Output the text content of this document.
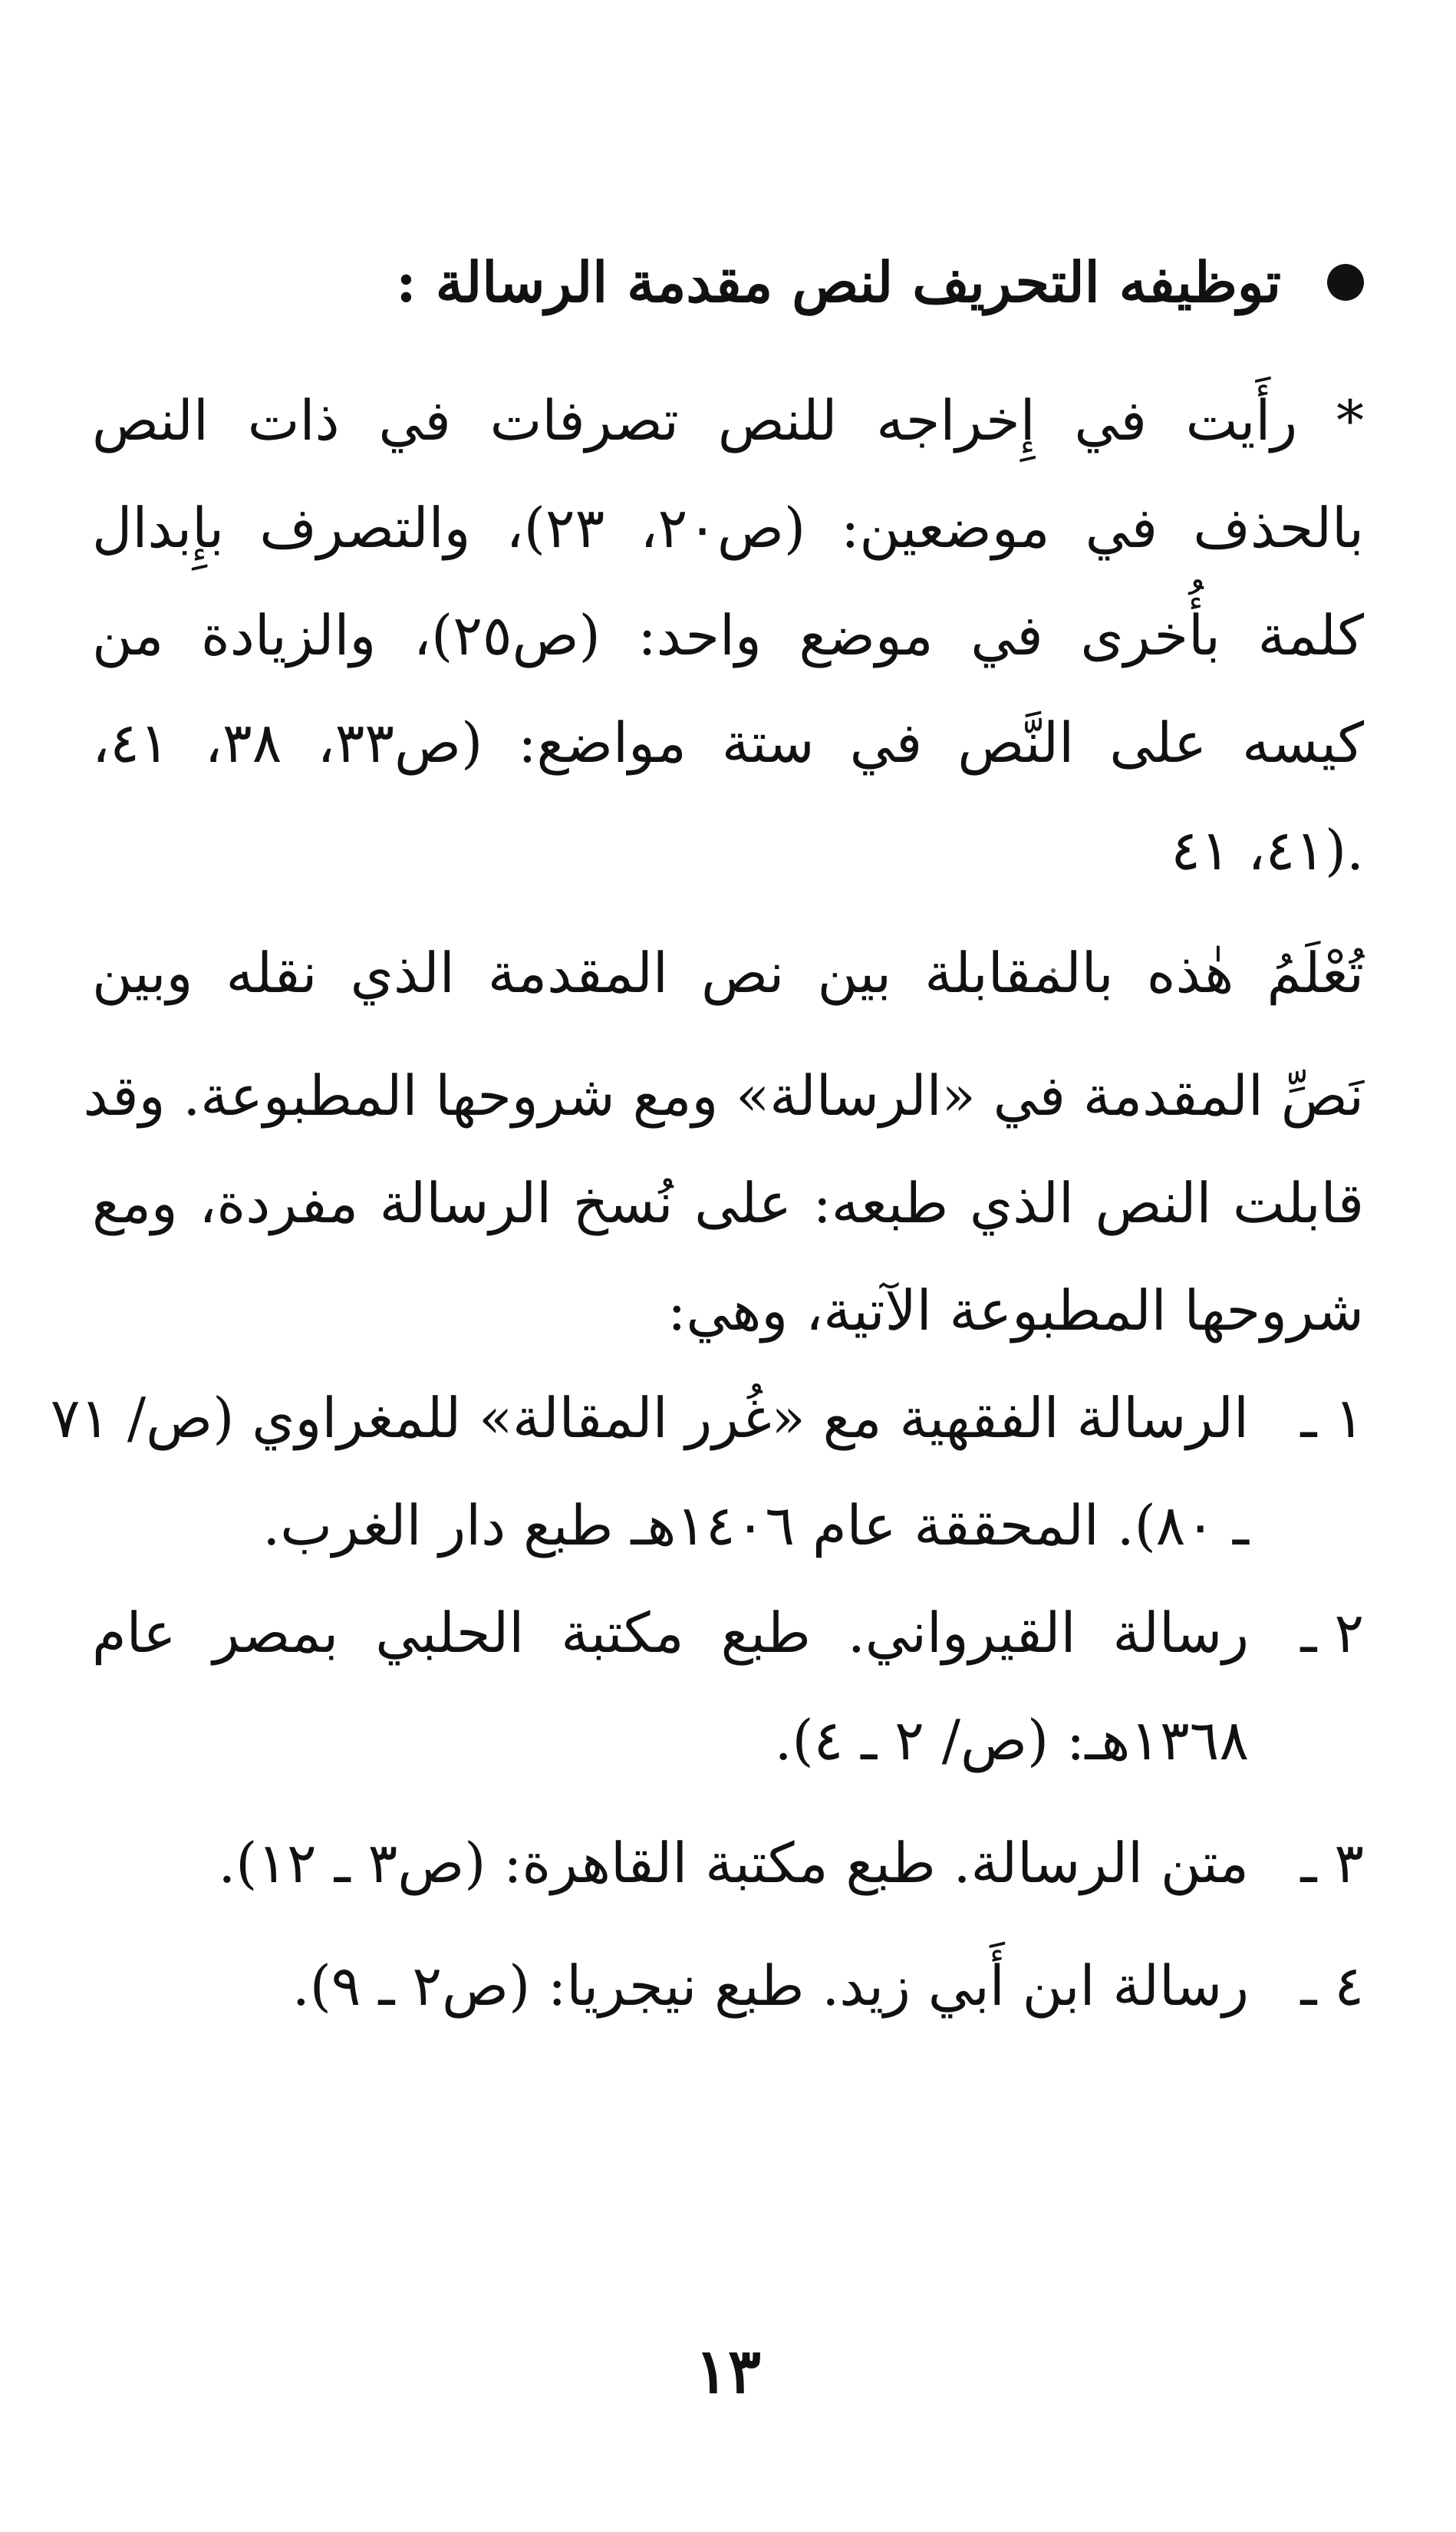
توظيفه التحريف لنص مقدمة الرسالة :
* رأَيت في إِخراجه للنص تصرفات في ذات النص
بالحذف في موضعين: (ص٢٠، ٢٣)، والتصرف بإِبدال
كلمة بأُخرى في موضع واحد: (ص٢٥)، والزيادة من
كيسه على النَّص في ستة مواضع: (ص٣٣، ٣٨، ٤١،
٤١، ٤١).
تُعْلَمُ هٰذه بالمقابلة بين نص المقدمة الذي نقله وبين
نَصِّ المقدمة في «الرسالة» ومع شروحها المطبوعة. وقد
قابلت النص الذي طبعه: على نُسخ الرسالة مفردة، ومع
شروحها المطبوعة الآتية، وهي:
١ ـ
الرسالة الفقهية مع «غُرر المقالة» للمغراوي (ص/ ٧١
ـ ٨٠). المحققة عام ١٤٠٦هـ طبع دار الغرب.
٢ ـ
رسالة القيرواني. طبع مكتبة الحلبي بمصر عام
١٣٦٨هـ: (ص/ ٢ ـ ٤).
٣ ـ
متن الرسالة. طبع مكتبة القاهرة: (ص٣ ـ ١٢).
٤ ـ
رسالة ابن أَبي زيد. طبع نيجريا: (ص٢ ـ ٩).
١٣
